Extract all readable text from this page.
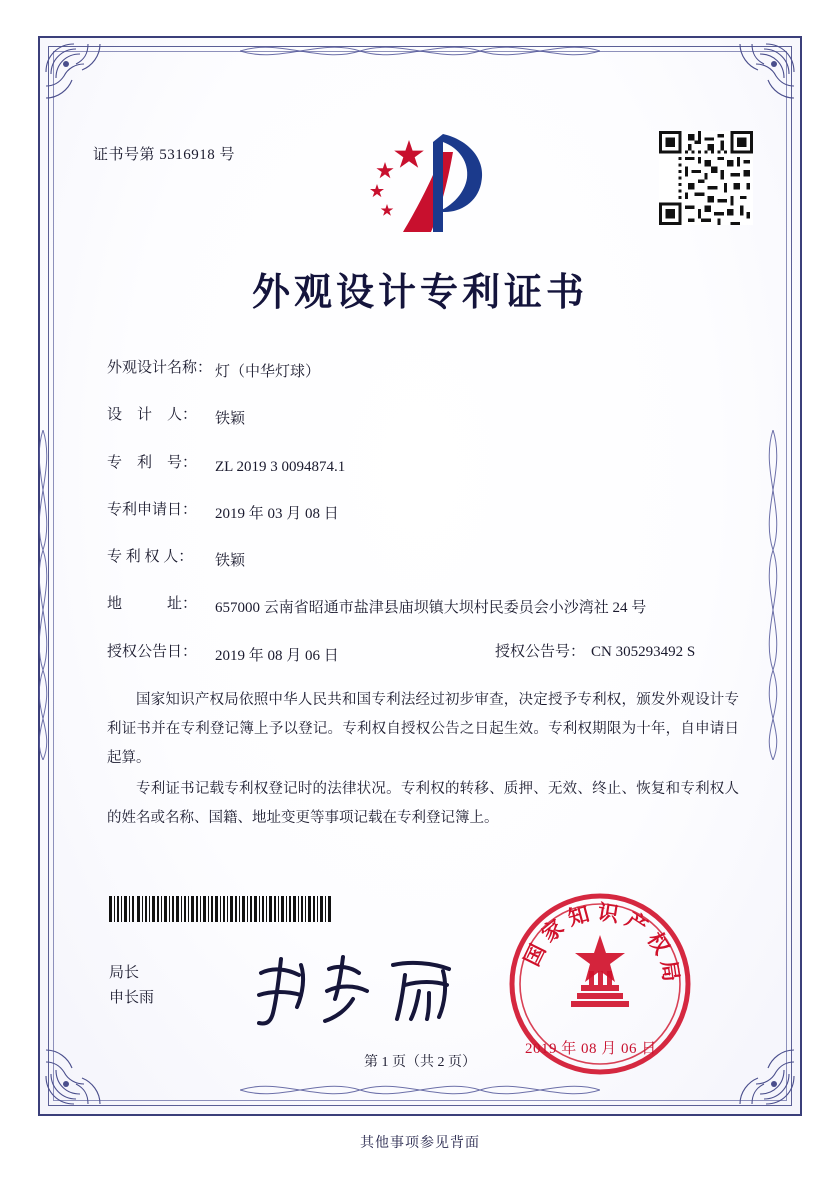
证书号第 5316918 号
外观设计专利证书
外观设计名称： 灯（中华灯球）
设　计　人：	铁颖
专　利　号：	ZL 2019 3 0094874.1
专利申请日：	2019 年 03 月 08 日
专 利 权 人：	铁颖
地　　　址：	657000 云南省昭通市盐津县庙坝镇大坝村民委员会小沙湾社 24 号
授权公告日：	2019 年 08 月 06 日	授权公告号： CN 305293492 S

国家知识产权局依照中华人民共和国专利法经过初步审查，决定授予专利权，颁发外观设计专利证书并在专利登记簿上予以登记。专利权自授权公告之日起生效。专利权期限为十年，自申请日起算。

专利证书记载专利权登记时的法律状况。专利权的转移、质押、无效、终止、恢复和专利权人的姓名或名称、国籍、地址变更等事项记载在专利登记簿上。

局长
申长雨
国家知识产权局
2019 年 08 月 06 日
第 1 页（共 2 页）
其他事项参见背面
